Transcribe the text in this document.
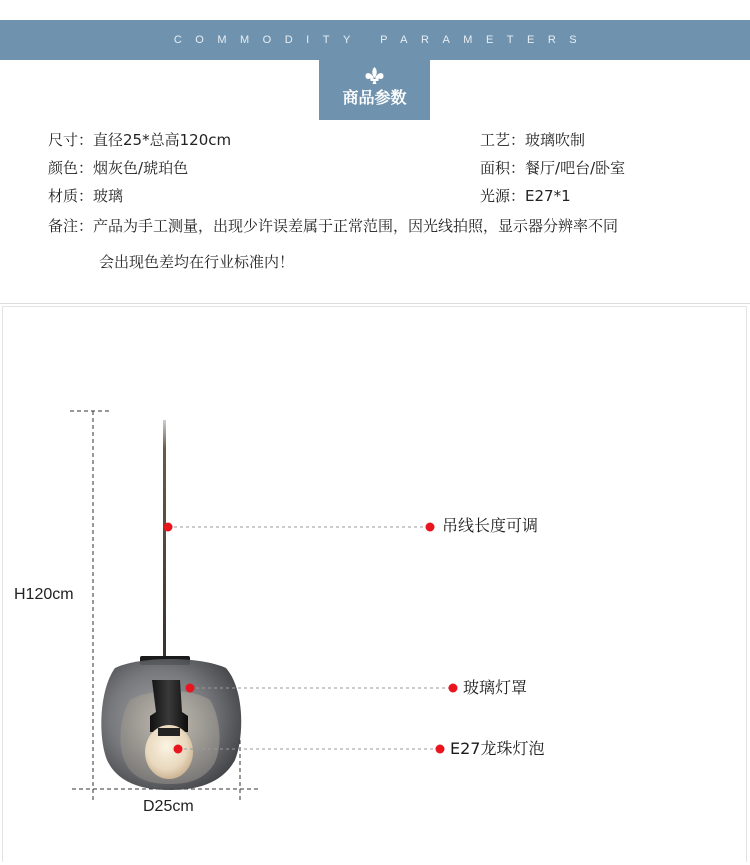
COMMODITY PARAMETERS
商品参数
尺寸：直径25*总高120cm	工艺：玻璃吹制
颜色：烟灰色/琥珀色	面积：餐厅/吧台/卧室
材质：玻璃	光源：E27*1
备注：产品为手工测量，出现少许误差属于正常范围，因光线拍照，显示器分辨率不同
会出现色差均在行业标准内！
吊线长度可调
玻璃灯罩
E27龙珠灯泡
H120cm
D25cm
